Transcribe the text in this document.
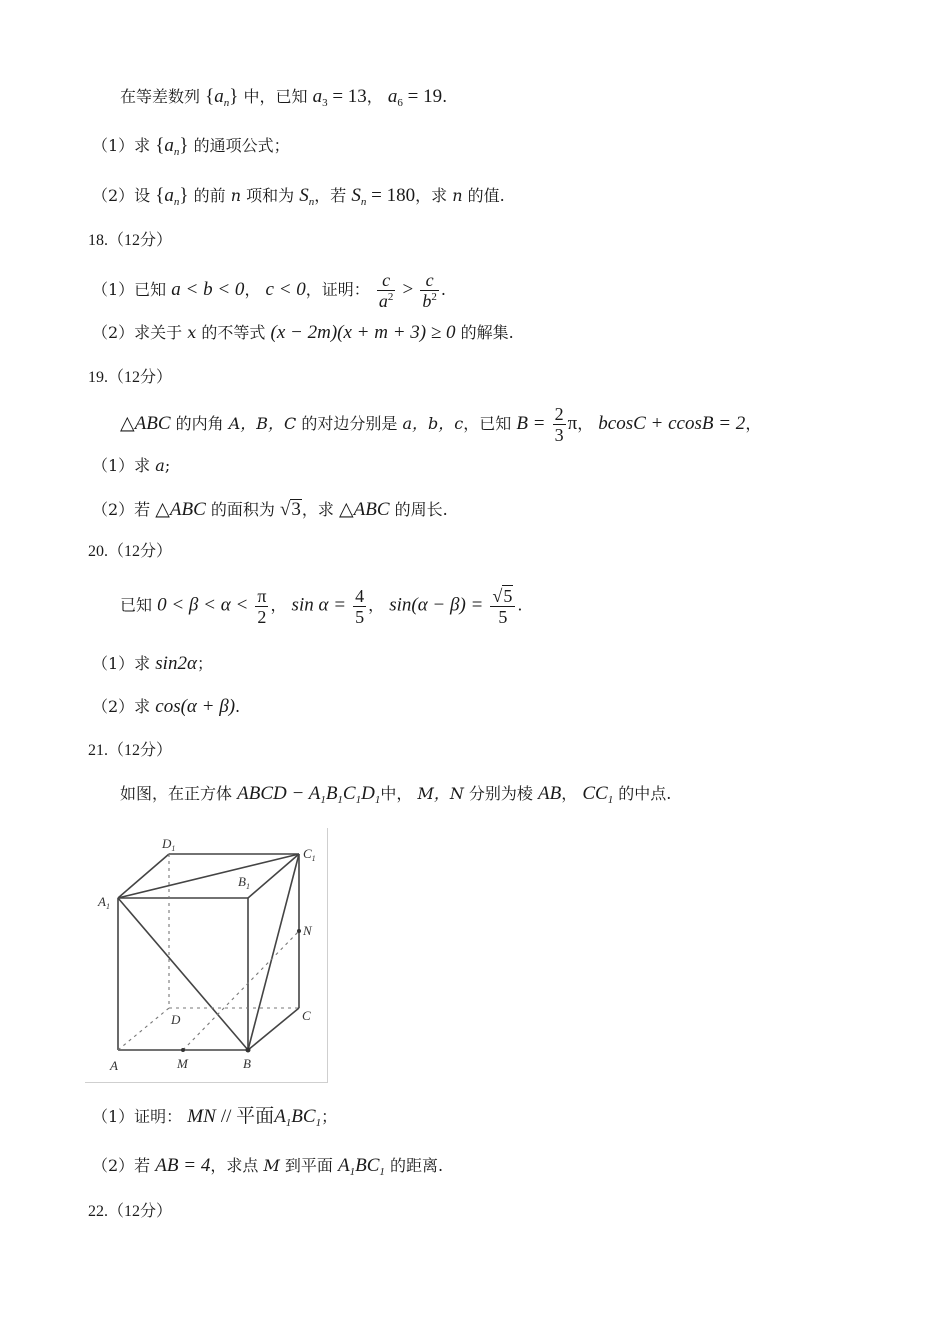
在等差数列 $\{a_n\}$ 中，已知 $a_3 = 13$， $a_6 = 19$.
（1）求 $\{a_n\}$ 的通项公式；
（2）设 $\{a_n\}$ 的前 n 项和为 $S_n$，若 $S_n = 180$，求 n 的值.
18.（12分）
（1）已知 a < b < 0， c < 0，证明： $\frac{c}{a^2} > \frac{c}{b^2}$ .
（2）求关于 x 的不等式 (x − 2m)(x + m + 3) ≥ 0 的解集.
19.（12分）
△ABC 的内角 A，B，C 的对边分别是 a，b，c，已知 $B = \frac{2}{3}$ π， bcosC + ccosB = 2，
（1）求 a;
（2）若 △ABC 的面积为 √3，求 △ABC 的周长.
20.（12分）
已知 $0 < \beta < \alpha < \frac{\pi}{2}$ ， $\sin \alpha = \frac{4}{5}$ ， $\sin(\alpha - \beta) = \frac{√5}{5}$ .
（1）求 sin2α；
（2）求 cos(α + β).
21.（12分）
如图，在正方体 ABCD − $A_1B_1C_1D_1$中， M，N 分别为棱 AB， $CC_1$ 的中点.
$D_1$	$C_1$
$B_1$
$A_1$
N
D	C
A	M	B
（1）证明： MN // 平面$A_1BC_1$；
（2）若 AB = 4，求点 M 到平面 $A_1BC_1$ 的距离.
22.（12分）
